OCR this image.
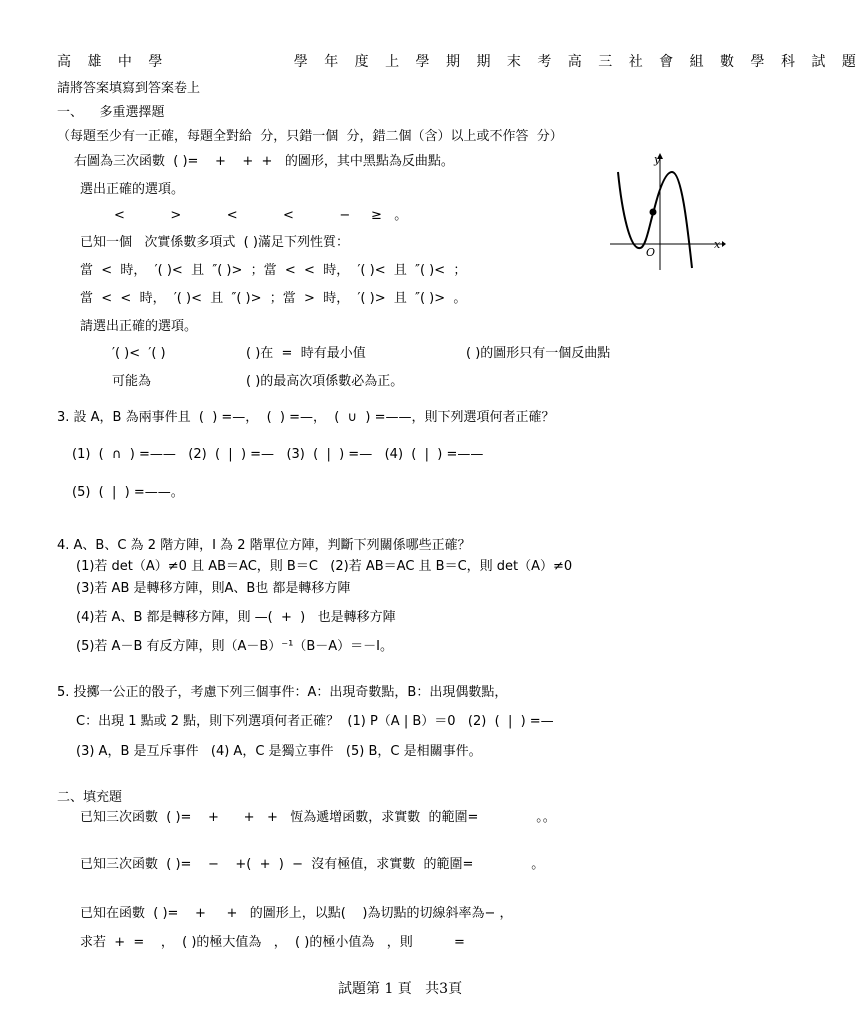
高 雄 中 學            學 年 度 上 學 期 期 末 考 高 三 社 會 組 數 學 科 試 題
請將答案填寫到答案卷上
一、    多重選擇題
（每題至少有一正確，每題全對給  分，只錯一個  分，錯二個（含）以上或不作答  分）
右圖為三次函數  ( )=    +    +  +   的圖形，其中黑點為反曲點。
選出正確的選項。
<           >           <           <           −     ≥   。
y
x
O
已知一個   次實係數多項式  ( )滿足下列性質：
當  <  時，  ′( )<  且  ″( )>  ；當  <  <  時，  ′( )<  且  ″( )<  ；
當  <  <  時，  ′( )<  且  ″( )>  ；當  >  時，  ′( )>  且  ″( )>  。
請選出正確的選項。
′( )<  ′( )	( )在  =  時有最小值	( )的圖形只有一個反曲點
可能為	( )的最高次項係數必為正。
3. 設 A，B 為兩事件且  (  ) =—，  (  ) =—，  (  ∪  ) =——，則下列選項何者正確？
(1)  (  ∩  ) =——   (2)  (  |  ) =—   (3)  (  |  ) =—   (4)  (  |  ) =——
(5)  (  |  ) =——。
4. A、B、C 為 2 階方陣，I 為 2 階單位方陣，判斷下列關係哪些正確？
(1)若 det（A）≠0 且 AB＝AC，則 B＝C   (2)若 AB＝AC 且 B＝C，則 det（A）≠0
(3)若 AB 是轉移方陣，則A、B也 都是轉移方陣
(4)若 A、B 都是轉移方陣，則 —(  +  )   也是轉移方陣
(5)若 A－B 有反方陣，則（A－B）⁻¹（B－A）＝－I。
5. 投擲一公正的骰子，考慮下列三個事件：A：出現奇數點，B：出現偶數點，
C：出現 1 點或 2 點，則下列選項何者正確？  (1) P（A | B）＝0   (2)  (  |  ) =—
(3) A，B 是互斥事件   (4) A，C 是獨立事件   (5) B，C 是相關事件。
二、填充題
已知三次函數  ( )=    +      +   +   恆為遞增函數，求實數  的範圍=              。。
已知三次函數  ( )=    −    +(  +  )  −  沒有極值，求實數  的範圍=              。
已知在函數  ( )=    +     +   的圖形上，以點(    )為切點的切線斜率為− ，
求若  +  =    ，  ( )的極大值為   ，  ( )的極小值為   ，則          =
試題第 1 頁   共3頁
